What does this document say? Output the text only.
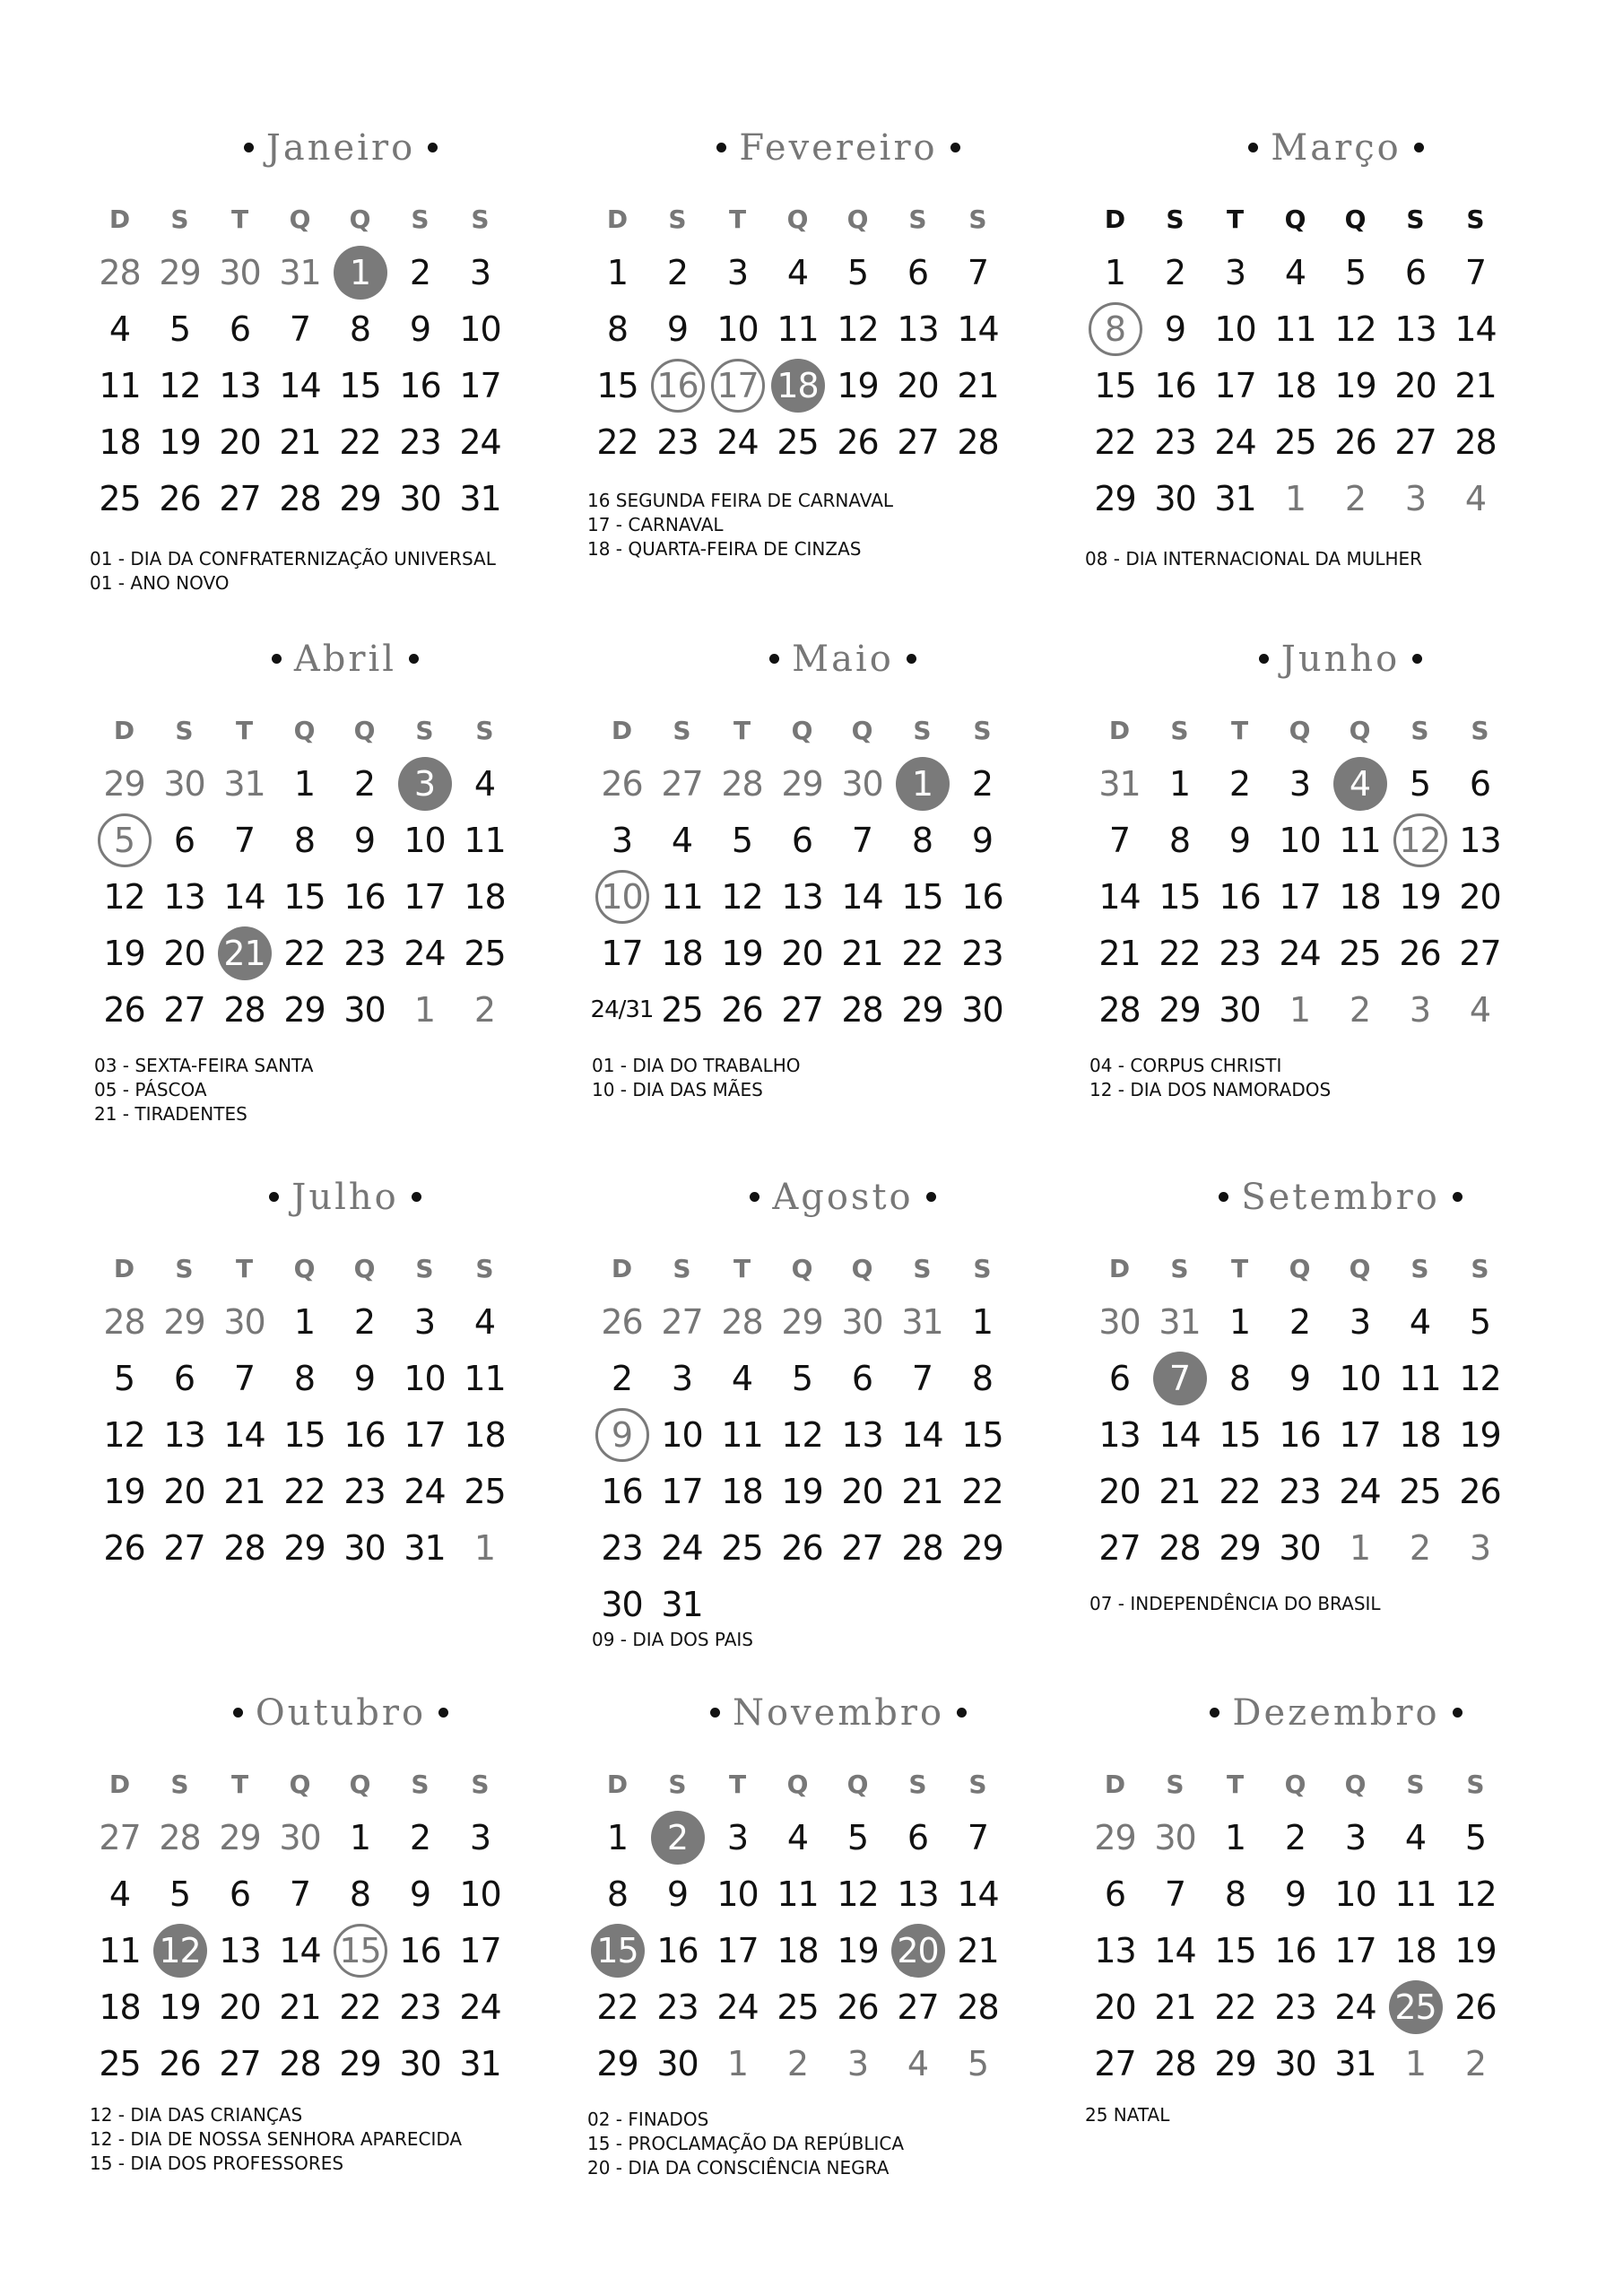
Janeiro
D	S	T	Q	Q	S	S
28 29 30 31 1	2	3
4	5	6	7	8	9 10
11 12 13 14 15 16 17
18 19 20 21 22 23 24
25 26 27 28 29 30 31
01 - DIA DA CONFRATERNIZAÇÃO UNIVERSAL
01 - ANO NOVO
Fevereiro
D	S	T	Q	Q	S	S
1	2	3	4	5	6	7
8	9 10 11 12 13 14
15 16 17 18 19 20 21
22 23 24 25 26 27 28
16 SEGUNDA FEIRA DE CARNAVAL
17 - CARNAVAL
18 - QUARTA-FEIRA DE CINZAS
Março
D	S	T	Q	Q	S	S
1	2	3	4	5	6	7
8	9 10 11 12 13 14
15 16 17 18 19 20 21
22 23 24 25 26 27 28
29 30 31 1	2	3	4
08 - DIA INTERNACIONAL DA MULHER
Abril
D	S	T	Q	Q	S	S
29 30 31 1	2	3	4
5	6	7	8	9 10 11
12 13 14 15 16 17 18
19 20 21 22 23 24 25
26 27 28 29 30 1	2
03 - SEXTA-FEIRA SANTA
05 - PÁSCOA
21 - TIRADENTES
Maio
D	S	T	Q	Q	S	S
26 27 28 29 30 1	2
3	4	5	6	7	8	9
10 11 12 13 14 15 16
17 18 19 20 21 22 23
24/31 25 26 27 28 29 30
01 - DIA DO TRABALHO
10 - DIA DAS MÃES
Junho
D	S	T	Q	Q	S	S
31 1	2	3	4	5	6
7	8	9 10 11 12 13
14 15 16 17 18 19 20
21 22 23 24 25 26 27
28 29 30 1	2	3	4
04 - CORPUS CHRISTI
12 - DIA DOS NAMORADOS
Julho
D	S	T	Q	Q	S	S
28 29 30 1	2	3	4
5	6	7	8	9 10 11
12 13 14 15 16 17 18
19 20 21 22 23 24 25
26 27 28 29 30 31 1
Agosto
D	S	T	Q	Q	S	S
26 27 28 29 30 31 1
2	3	4	5	6	7	8
9 10 11 12 13 14 15
16 17 18 19 20 21 22
23 24 25 26 27 28 29
30 31
09 - DIA DOS PAIS
Setembro
D	S	T	Q	Q	S	S
30 31 1	2	3	4	5
6	7	8	9 10 11 12
13 14 15 16 17 18 19
20 21 22 23 24 25 26
27 28 29 30 1	2	3
07 - INDEPENDÊNCIA DO BRASIL
Outubro
D	S	T	Q	Q	S	S
27 28 29 30 1	2	3
4	5	6	7	8	9 10
11 12 13 14 15 16 17
18 19 20 21 22 23 24
25 26 27 28 29 30 31
12 - DIA DAS CRIANÇAS
12 - DIA DE NOSSA SENHORA APARECIDA
15 - DIA DOS PROFESSORES
Novembro
D	S	T	Q	Q	S	S
1	2	3	4	5	6	7
8	9 10 11 12 13 14
15 16 17 18 19 20 21
22 23 24 25 26 27 28
29 30 1	2	3	4	5
02 - FINADOS
15 - PROCLAMAÇÃO DA REPÚBLICA
20 - DIA DA CONSCIÊNCIA NEGRA
Dezembro
D	S	T	Q	Q	S	S
29 30 1	2	3	4	5
6	7	8	9 10 11 12
13 14 15 16 17 18 19
20 21 22 23 24 25 26
27 28 29 30 31 1	2
25 NATAL
